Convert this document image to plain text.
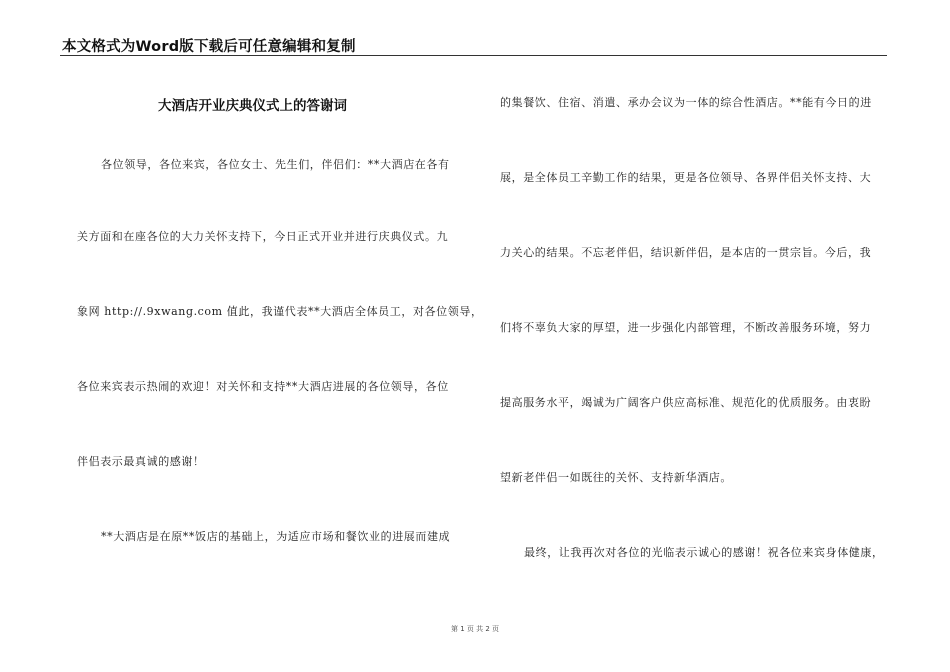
本文格式为Word版下载后可任意编辑和复制
大酒店开业庆典仪式上的答谢词
各位领导，各位来宾，各位女士、先生们，伴侣们：**大酒店在各有
关方面和在座各位的大力关怀支持下，今日正式开业并进行庆典仪式。九
象网 http://.9xwang.com 值此，我谨代表**大酒店全体员工，对各位领导，
各位来宾表示热闹的欢迎！对关怀和支持**大酒店进展的各位领导，各位
伴侣表示最真诚的感谢！
**大酒店是在原**饭店的基础上，为适应市场和餐饮业的进展而建成
的集餐饮、住宿、消遣、承办会议为一体的综合性酒店。**能有今日的进
展，是全体员工辛勤工作的结果，更是各位领导、各界伴侣关怀支持、大
力关心的结果。不忘老伴侣，结识新伴侣，是本店的一贯宗旨。今后，我
们将不辜负大家的厚望，进一步强化内部管理，不断改善服务环境，努力
提高服务水平，竭诚为广阔客户供应高标准、规范化的优质服务。由衷盼
望新老伴侣一如既往的关怀、支持新华酒店。
最终，让我再次对各位的光临表示诚心的感谢！祝各位来宾身体健康，
第 1 页 共 2 页
